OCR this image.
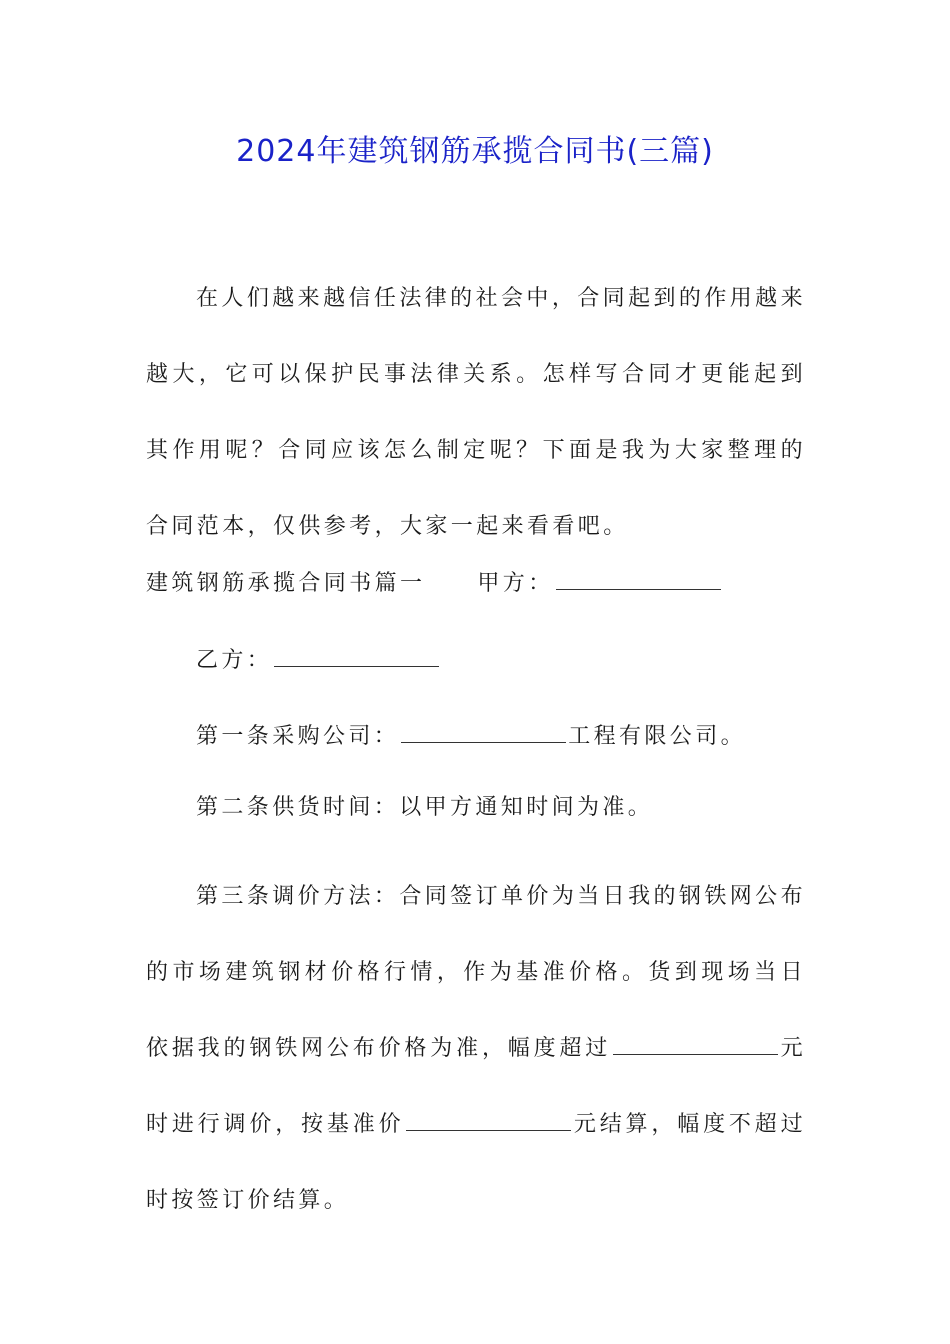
2024年建筑钢筋承揽合同书(三篇)

在人们越来越信任法律的社会中，合同起到的作用越来越大，它可以保护民事法律关系。怎样写合同才更能起到其作用呢？合同应该怎么制定呢？下面是我为大家整理的合同范本，仅供参考，大家一起来看看吧。

建筑钢筋承揽合同书篇一 甲方：
乙方：
第一条采购公司：	工程有限公司。
第二条供货时间：以甲方通知时间为准。

第三条调价方法：合同签订单价为当日我的钢铁网公布的市场建筑钢材价格行情，作为基准价格。货到现场当日依据我的钢铁网公布价格为准，幅度超过	元时进行调价，按基准价	元结算，幅度不超过时按签订价结算。
